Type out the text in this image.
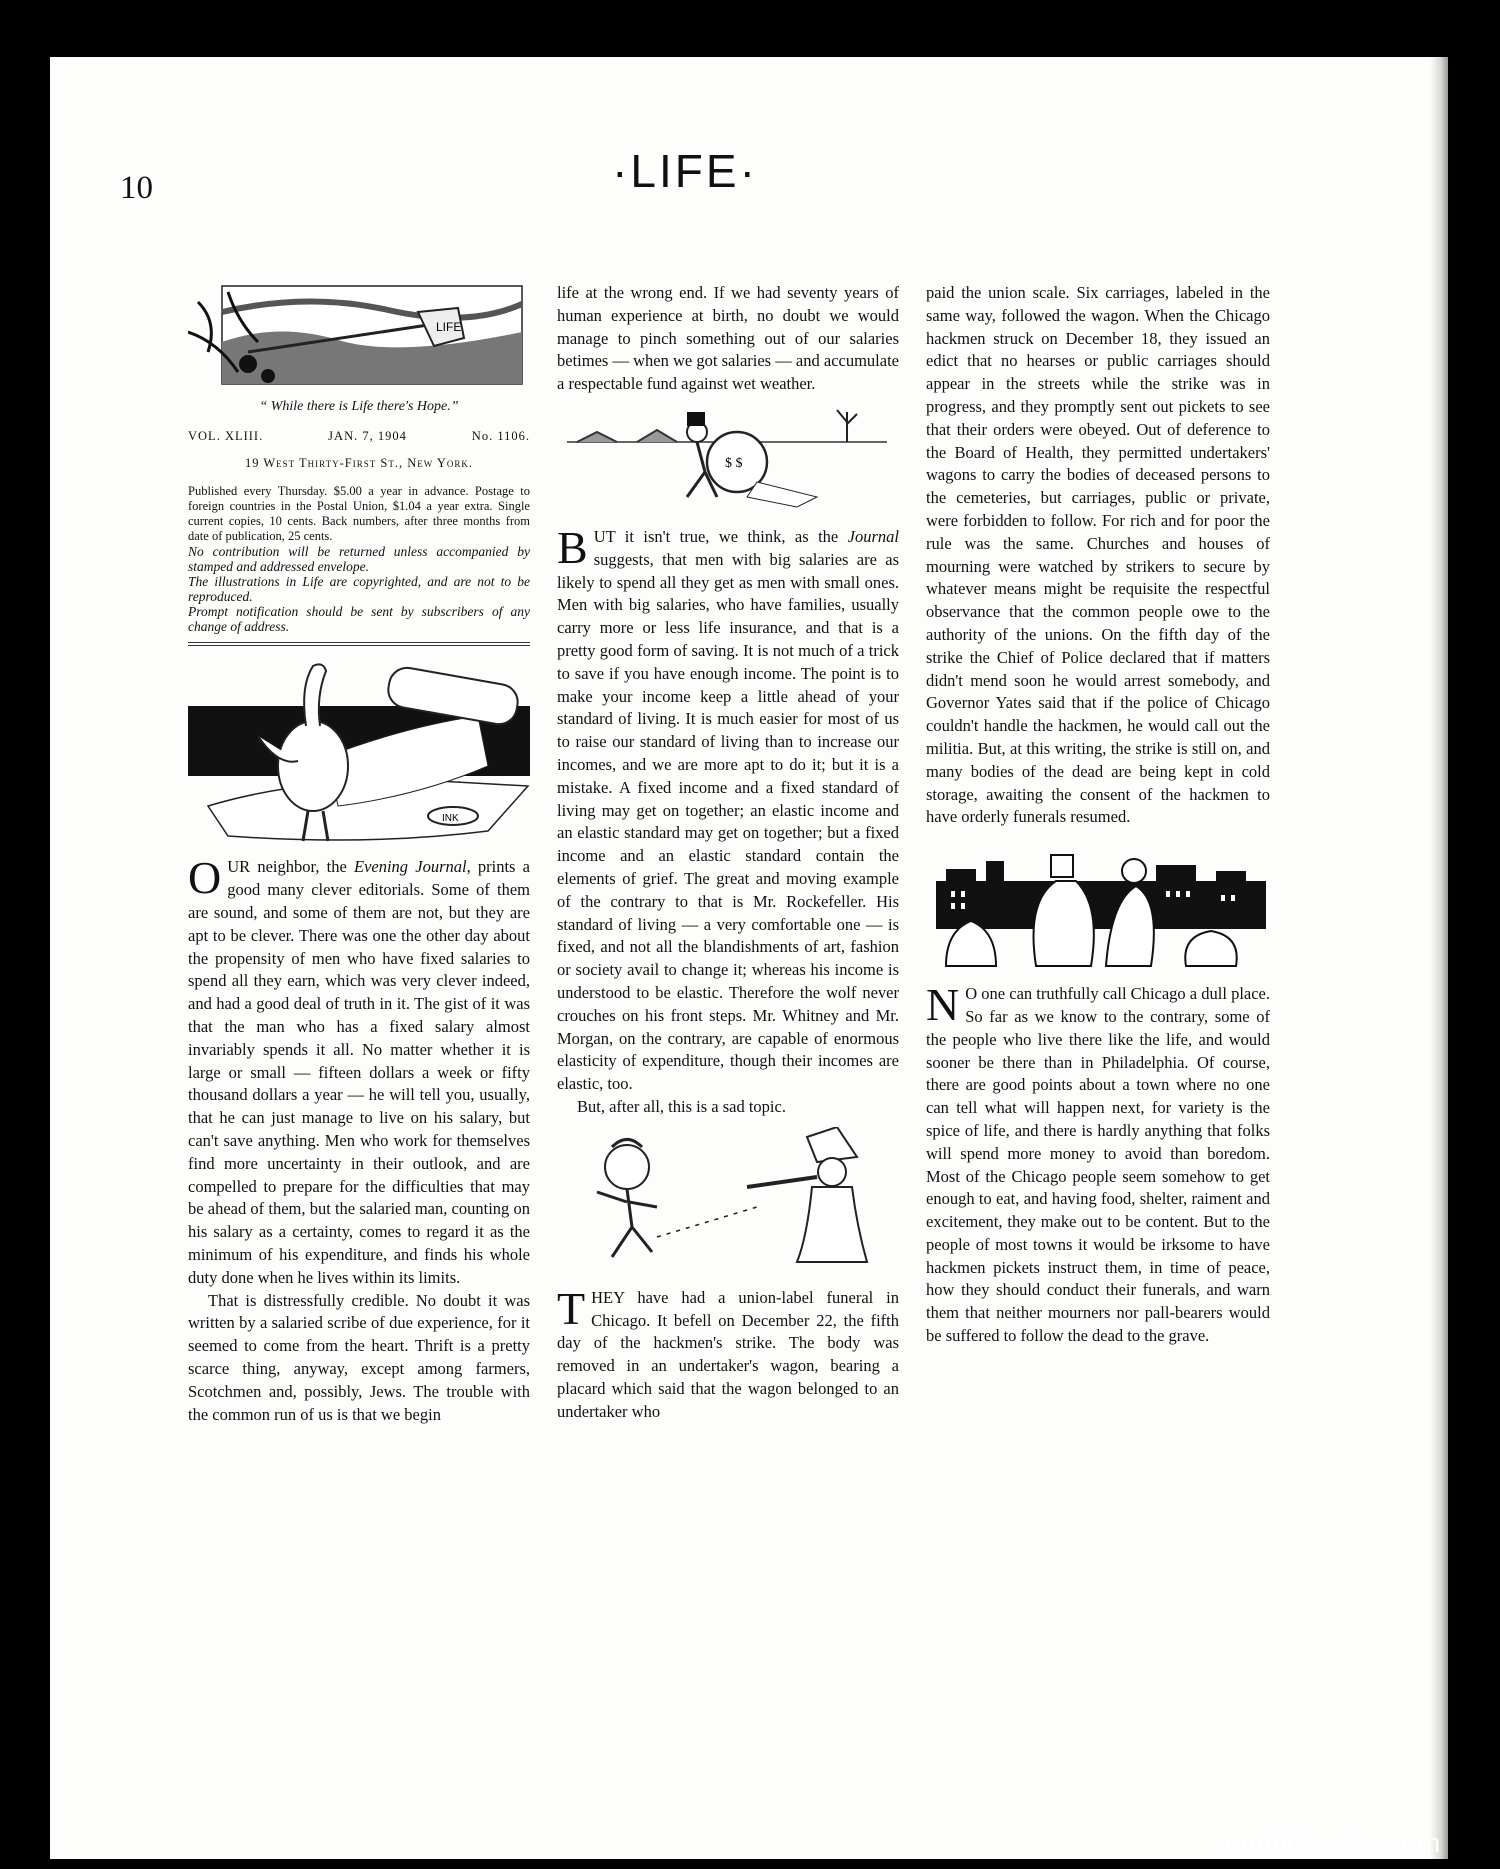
10	·LIFE·
LIFE
“ While there is Life there's Hope.”
VOL. XLIII.	JAN. 7, 1904	No. 1106.
19 West Thirty-First St., New York.

Published every Thursday. $5.00 a year in advance. Postage to foreign countries in the Postal Union, $1.04 a year extra. Single current copies, 10 cents. Back numbers, after three months from date of publication, 25 cents.

No contribution will be returned unless accompanied by stamped and addressed envelope.

The illustrations in Life are copyrighted, and are not to be reproduced.

Prompt notification should be sent by subscribers of any change of address.

INK

OUR neighbor, the Evening Journal, prints a good many clever editorials. Some of them are sound, and some of them are not, but they are apt to be clever. There was one the other day about the propensity of men who have fixed salaries to spend all they earn, which was very clever indeed, and had a good deal of truth in it. The gist of it was that the man who has a fixed salary almost invariably spends it all. No matter whether it is large or small — fifteen dollars a week or fifty thousand dollars a year — he will tell you, usually, that he can just manage to live on his salary, but can't save anything. Men who work for themselves find more uncertainty in their outlook, and are compelled to prepare for the difficulties that may be ahead of them, but the salaried man, counting on his salary as a certainty, comes to regard it as the minimum of his expenditure, and finds his whole duty done when he lives within its limits.

That is distressfully credible. No doubt it was written by a salaried scribe of due experience, for it seemed to come from the heart. Thrift is a pretty scarce thing, anyway, except among farmers, Scotchmen and, possibly, Jews. The trouble with the common run of us is that we begin

life at the wrong end. If we had seventy years of human experience at birth, no doubt we would manage to pinch something out of our salaries betimes — when we got salaries — and accumulate a respectable fund against wet weather.

$ $

BUT it isn't true, we think, as the Journal suggests, that men with big salaries are as likely to spend all they get as men with small ones. Men with big salaries, who have families, usually carry more or less life insurance, and that is a pretty good form of saving. It is not much of a trick to save if you have enough income. The point is to make your income keep a little ahead of your standard of living. It is much easier for most of us to raise our standard of living than to increase our incomes, and we are more apt to do it; but it is a mistake. A fixed income and a fixed standard of living may get on together; an elastic income and an elastic standard may get on together; but a fixed income and an elastic standard contain the elements of grief. The great and moving example of the contrary to that is Mr. Rockefeller. His standard of living — a very comfortable one — is fixed, and not all the blandishments of art, fashion or society avail to change it; whereas his income is understood to be elastic. Therefore the wolf never crouches on his front steps. Mr. Whitney and Mr. Morgan, on the contrary, are capable of enormous elasticity of expenditure, though their incomes are elastic, too.

But, after all, this is a sad topic.

THEY have had a union-label funeral in Chicago. It befell on December 22, the fifth day of the hackmen's strike. The body was removed in an undertaker's wagon, bearing a placard which said that the wagon belonged to an undertaker who

paid the union scale. Six carriages, labeled in the same way, followed the wagon. When the Chicago hackmen struck on December 18, they issued an edict that no hearses or public carriages should appear in the streets while the strike was in progress, and they promptly sent out pickets to see that their orders were obeyed. Out of deference to the Board of Health, they permitted undertakers' wagons to carry the bodies of deceased persons to the cemeteries, but carriages, public or private, were forbidden to follow. For rich and for poor the rule was the same. Churches and houses of mourning were watched by strikers to secure by whatever means might be requisite the respectful observance that the common people owe to the authority of the unions. On the fifth day of the strike the Chief of Police declared that if matters didn't mend soon he would arrest somebody, and Governor Yates said that if the police of Chicago couldn't handle the hackmen, he would call out the militia. But, at this writing, the strike is still on, and many bodies of the dead are being kept in cold storage, awaiting the consent of the hackmen to have orderly funerals resumed.

N O one can truthfully call Chicago a dull place. So far as we know to the contrary, some of the people who live there like the life, and would sooner be there than in Philadelphia. Of course, there are good points about a town where no one can tell what will happen next, for variety is the spice of life, and there is hardly anything that folks will spend more money to avoid than boredom. Most of the Chicago people seem somehow to get enough to eat, and having food, shelter, raiment and excitement, they make out to be content. But to the people of most towns it would be irksome to have hackmen pickets instruct them, in time of peace, how they should conduct their funerals, and warn them that neither mourners nor pall-bearers would be suffered to follow the dead to the grave.

comicbooks.com
